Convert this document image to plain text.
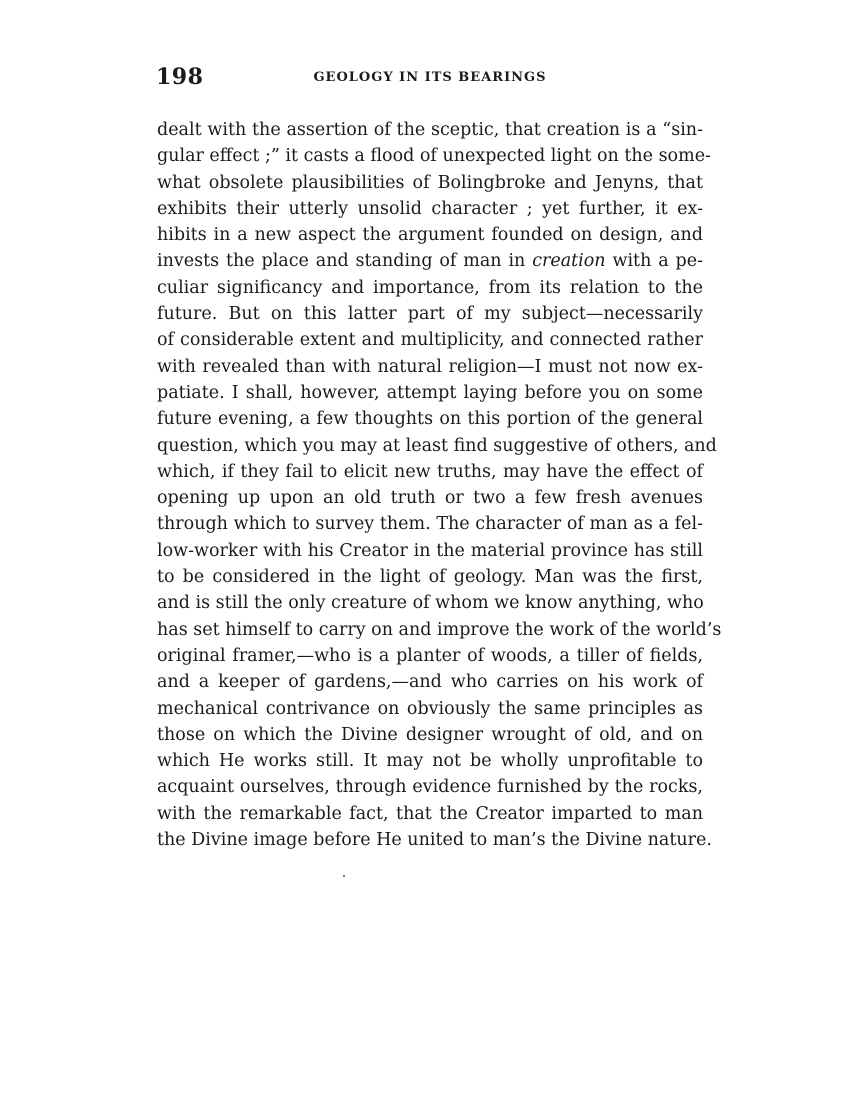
198	GEOLOGY IN ITS BEARINGS
dealt with the assertion of the sceptic, that creation is a “sin-
gular effect ;” it casts a flood of unexpected light on the some-
what obsolete plausibilities of Bolingbroke and Jenyns, that
exhibits their utterly unsolid character ; yet further, it ex-
hibits in a new aspect the argument founded on design, and
invests the place and standing of man in creation with a pe-
culiar significancy and importance, from its relation to the
future. But on this latter part of my subject—necessarily
of considerable extent and multiplicity, and connected rather
with revealed than with natural religion—I must not now ex-
patiate. I shall, however, attempt laying before you on some
future evening, a few thoughts on this portion of the general
question, which you may at least find suggestive of others, and
which, if they fail to elicit new truths, may have the effect of
opening up upon an old truth or two a few fresh avenues
through which to survey them. The character of man as a fel-
low-worker with his Creator in the material province has still
to be considered in the light of geology. Man was the first,
and is still the only creature of whom we know anything, who
has set himself to carry on and improve the work of the world’s
original framer,—who is a planter of woods, a tiller of fields,
and a keeper of gardens,—and who carries on his work of
mechanical contrivance on obviously the same principles as
those on which the Divine designer wrought of old, and on
which He works still. It may not be wholly unprofitable to
acquaint ourselves, through evidence furnished by the rocks,
with the remarkable fact, that the Creator imparted to man
the Divine image before He united to man’s the Divine nature.
